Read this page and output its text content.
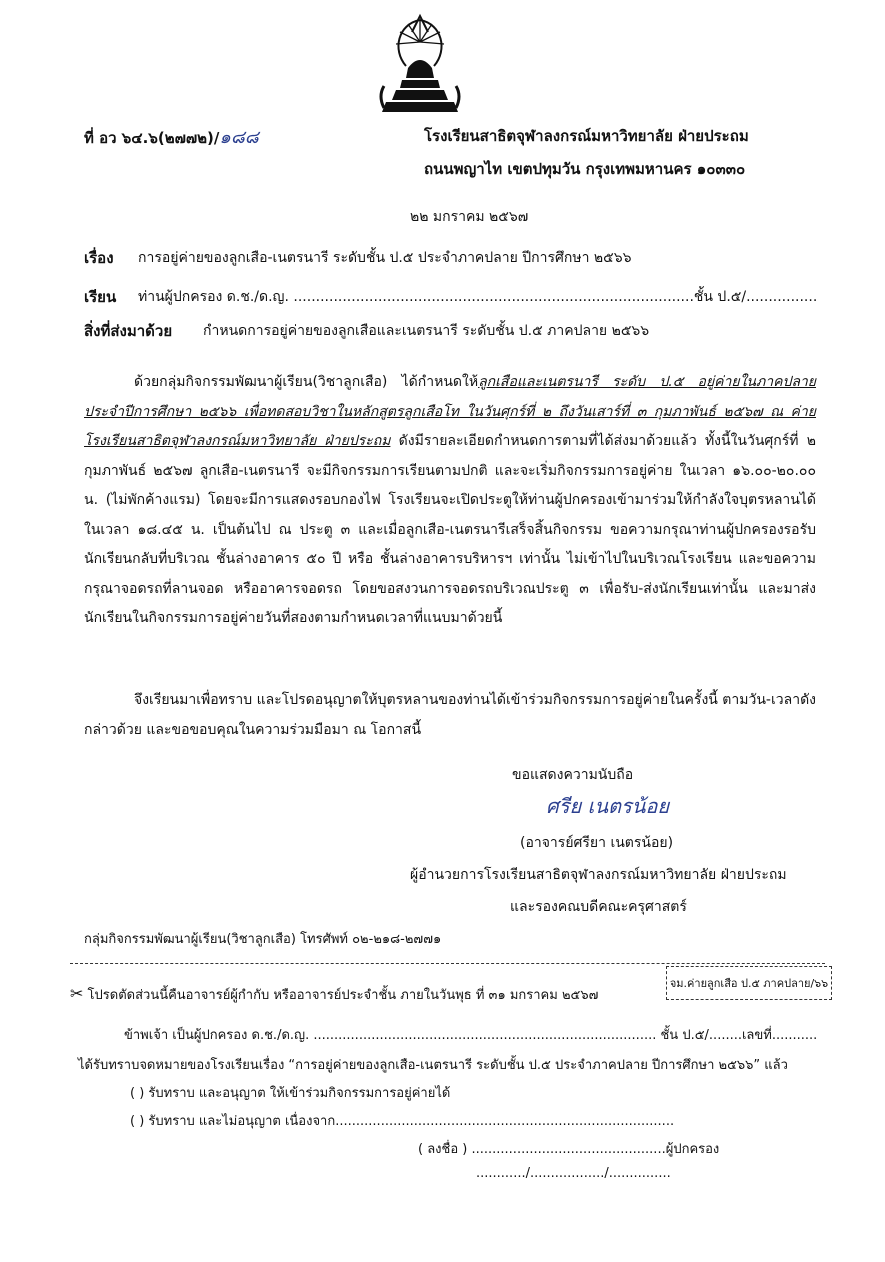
ที่ อว ๖๔.๖(๒๗๗๒)/๑๘๘	โรงเรียนสาธิตจุฬาลงกรณ์มหาวิทยาลัย ฝ่ายประถม
ถนนพญาไท เขตปทุมวัน กรุงเทพมหานคร ๑๐๓๓๐
๒๒ มกราคม ๒๕๖๗
เรื่อง การอยู่ค่ายของลูกเสือ-เนตรนารี ระดับชั้น ป.๕ ประจำภาคปลาย ปีการศึกษา ๒๕๖๖
เรียน ท่านผู้ปกครอง ด.ช./ด.ญ. ..........................................................................................ชั้น ป.๕/................
สิ่งที่ส่งมาด้วย กำหนดการอยู่ค่ายของลูกเสือและเนตรนารี ระดับชั้น ป.๕ ภาคปลาย ๒๕๖๖

ด้วยกลุ่มกิจกรรมพัฒนาผู้เรียน(วิชาลูกเสือ) ได้กำหนดให้ลูกเสือและเนตรนารี ระดับ ป.๕ อยู่ค่ายในภาคปลาย ประจำปีการศึกษา ๒๕๖๖ เพื่อทดสอบวิชาในหลักสูตรลูกเสือโท ในวันศุกร์ที่ ๒ ถึงวันเสาร์ที่ ๓ กุมภาพันธ์ ๒๕๖๗ ณ ค่ายโรงเรียนสาธิตจุฬาลงกรณ์มหาวิทยาลัย ฝ่ายประถม ดังมีรายละเอียดกำหนดการตามที่ได้ส่งมาด้วยแล้ว ทั้งนี้ในวันศุกร์ที่ ๒ กุมภาพันธ์ ๒๕๖๗ ลูกเสือ-เนตรนารี จะมีกิจกรรมการเรียนตามปกติ และจะเริ่มกิจกรรมการอยู่ค่าย ในเวลา ๑๖.๐๐-๒๐.๐๐ น. (ไม่พักค้างแรม) โดยจะมีการแสดงรอบกองไฟ โรงเรียนจะเปิดประตูให้ท่านผู้ปกครองเข้ามาร่วมให้กำลังใจบุตรหลานได้ ในเวลา ๑๘.๔๕ น. เป็นต้นไป ณ ประตู ๓ และเมื่อลูกเสือ-เนตรนารีเสร็จสิ้นกิจกรรม ขอความกรุณาท่านผู้ปกครองรอรับนักเรียนกลับที่บริเวณ ชั้นล่างอาคาร ๕๐ ปี หรือ ชั้นล่างอาคารบริหารฯ เท่านั้น ไม่เข้าไปในบริเวณโรงเรียน และขอความกรุณาจอดรถที่ลานจอด หรืออาคารจอดรถ โดยขอสงวนการจอดรถบริเวณประตู ๓ เพื่อรับ-ส่งนักเรียนเท่านั้น และมาส่งนักเรียนในกิจกรรมการอยู่ค่ายวันที่สองตามกำหนดเวลาที่แนบมาด้วยนี้

จึงเรียนมาเพื่อทราบ และโปรดอนุญาตให้บุตรหลานของท่านได้เข้าร่วมกิจกรรมการอยู่ค่ายในครั้งนี้ ตามวัน-เวลาดังกล่าวด้วย และขอขอบคุณในความร่วมมือมา ณ โอกาสนี้

ขอแสดงความนับถือ
ศรีย เนตรน้อย
(อาจารย์ศรียา เนตรน้อย)
ผู้อำนวยการโรงเรียนสาธิตจุฬาลงกรณ์มหาวิทยาลัย ฝ่ายประถม
และรองคณบดีคณะครุศาสตร์
กลุ่มกิจกรรมพัฒนาผู้เรียน(วิชาลูกเสือ) โทรศัพท์ ๐๒-๒๑๘-๒๗๗๑
จม.ค่ายลูกเสือ ป.๕ ภาคปลาย/๖๖
✂ โปรดตัดส่วนนี้คืนอาจารย์ผู้กำกับ หรืออาจารย์ประจำชั้น ภายในวันพุธ ที่ ๓๑ มกราคม ๒๕๖๗
ข้าพเจ้า เป็นผู้ปกครอง ด.ช./ด.ญ. ................................................................................... ชั้น ป.๕/........เลขที่...........
ได้รับทราบจดหมายของโรงเรียนเรื่อง “การอยู่ค่ายของลูกเสือ-เนตรนารี ระดับชั้น ป.๕ ประจำภาคปลาย ปีการศึกษา ๒๕๖๖” แล้ว
( ) รับทราบ และอนุญาต ให้เข้าร่วมกิจกรรมการอยู่ค่ายได้
( ) รับทราบ และไม่อนุญาต เนื่องจาก..................................................................................
( ลงชื่อ ) ...............................................ผู้ปกครอง
............/................../...............
